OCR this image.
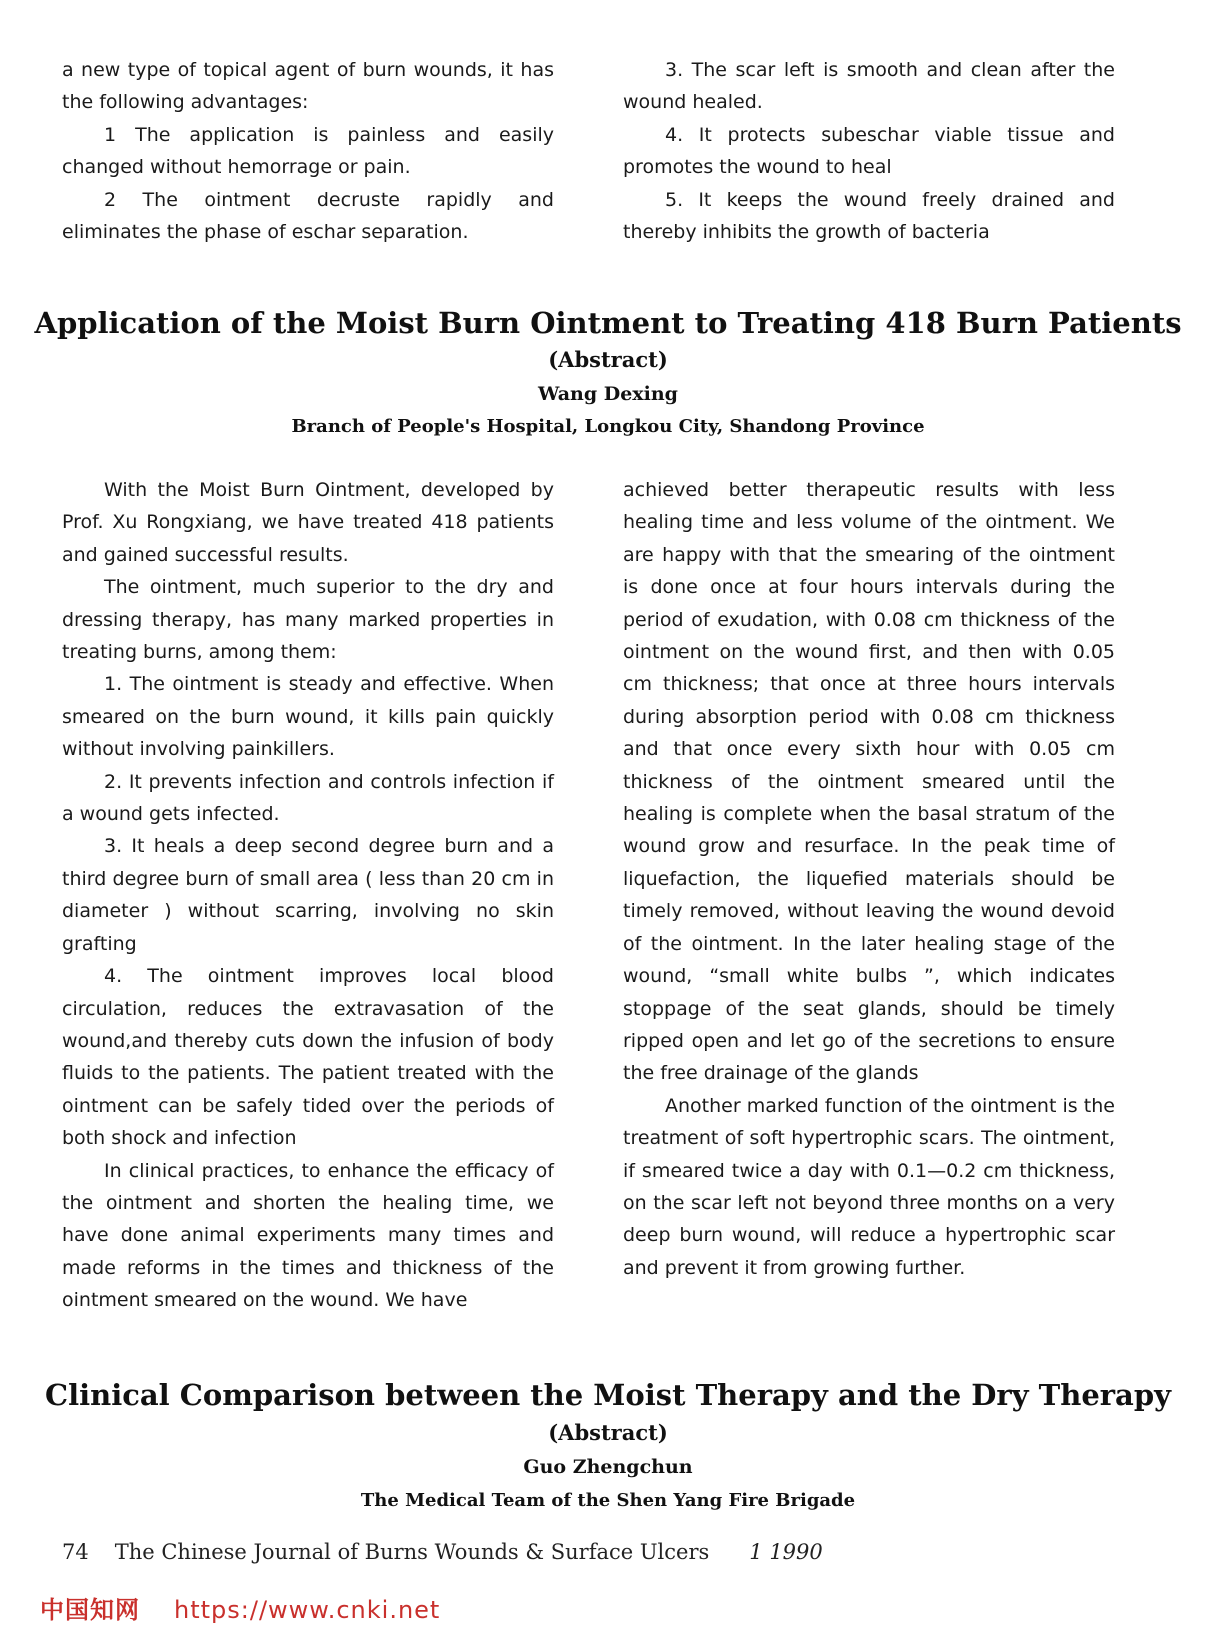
a new type of topical agent of burn wounds, it has the following advantages:

1 The application is painless and easily changed without hemorrage or pain.

2 The ointment decruste rapidly and eliminates the phase of eschar separation.

3. The scar left is smooth and clean after the wound healed.

4. It protects subeschar viable tissue and promotes the wound to heal

5. It keeps the wound freely drained and thereby inhibits the growth of bacteria

Application of the Moist Burn Ointment to Treating 418 Burn Patients
(Abstract)
Wang Dexing
Branch of People's Hospital, Longkou City, Shandong Province

With the Moist Burn Ointment, developed by Prof. Xu Rongxiang, we have treated 418 patients and gained successful results.

The ointment, much superior to the dry and dressing therapy, has many marked properties in treating burns, among them:

1. The ointment is steady and effective. When smeared on the burn wound, it kills pain quickly without involving painkillers.

2. It prevents infection and controls infection if a wound gets infected.

3. It heals a deep second degree burn and a third degree burn of small area ( less than 20 cm in diameter ) without scarring, involving no skin grafting

4. The ointment improves local blood circulation, reduces the extravasation of the wound,and thereby cuts down the infusion of body fluids to the patients. The patient treated with the ointment can be safely tided over the periods of both shock and infection

In clinical practices, to enhance the efficacy of the ointment and shorten the healing time, we have done animal experiments many times and made reforms in the times and thickness of the ointment smeared on the wound. We have

achieved better therapeutic results with less healing time and less volume of the ointment. We are happy with that the smearing of the ointment is done once at four hours intervals during the period of exudation, with 0.08 cm thickness of the ointment on the wound first, and then with 0.05 cm thickness; that once at three hours intervals during absorption period with 0.08 cm thickness and that once every sixth hour with 0.05 cm thickness of the ointment smeared until the healing is complete when the basal stratum of the wound grow and resurface. In the peak time of liquefaction, the liquefied materials should be timely removed, without leaving the wound devoid of the ointment. In the later healing stage of the wound, “small white bulbs ”, which indicates stoppage of the seat glands, should be timely ripped open and let go of the secretions to ensure the free drainage of the glands

Another marked function of the ointment is the treatment of soft hypertrophic scars. The ointment, if smeared twice a day with 0.1—0.2 cm thickness, on the scar left not beyond three months on a very deep burn wound, will reduce a hypertrophic scar and prevent it from growing further.

Clinical Comparison between the Moist Therapy and the Dry Therapy
(Abstract)
Guo Zhengchun
The Medical Team of the Shen Yang Fire Brigade
74 The Chinese Journal of Burns Wounds & Surface Ulcers 1 1990
中国知网 https://www.cnki.net
